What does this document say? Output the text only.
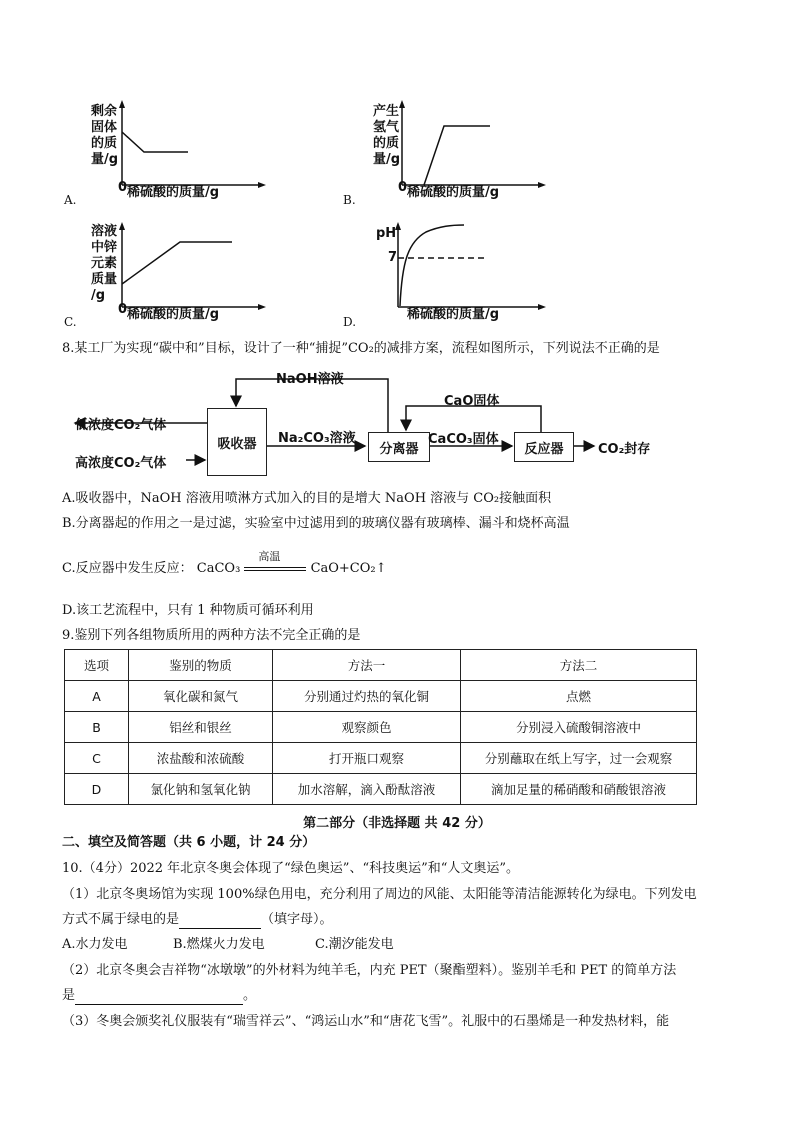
剩余
固体
的质
量/g
0 稀硫酸的质量/g
A.
产生
氢气
的质
量/g
0 稀硫酸的质量/g
B.
溶液
中锌
元素
质量
/g
0 稀硫酸的质量/g
C.
pH
7
稀硫酸的质量/g
D.
8.某工厂为实现“碳中和”目标，设计了一种“捕捉”CO₂的减排方案，流程如图所示，下列说法不正确的是
吸收器	分离器	反应器
NaOH溶液
CaO固体
低浓度CO₂气体
高浓度CO₂气体
Na₂CO₃溶液	CaCO₃固体
CO₂封存
A.吸收器中，NaOH 溶液用喷淋方式加入的目的是增大 NaOH 溶液与 CO₂接触面积
B.分离器起的作用之一是过滤，实验室中过滤用到的玻璃仪器有玻璃棒、漏斗和烧杯高温
C.反应器中发生反应： CaCO₃
高温
CaO+CO₂↑
D.该工艺流程中，只有 1 种物质可循环利用
9.鉴别下列各组物质所用的两种方法不完全正确的是
选项	鉴别的物质	方法一	方法二
A	氧化碳和氮气	分别通过灼热的氧化铜	点燃
B	铝丝和银丝	观察颜色	分别浸入硫酸铜溶液中
C	浓盐酸和浓硫酸	打开瓶口观察	分别蘸取在纸上写字，过一会观察
D	氯化钠和氢氧化钠	加水溶解，滴入酚酞溶液	滴加足量的稀硝酸和硝酸银溶液
第二部分（非选择题 共 42 分）
二、填空及简答题（共 6 小题，计 24 分）
10.（4分）2022 年北京冬奥会体现了“绿色奥运”、“科技奥运”和“人文奥运”。
（1）北京冬奥场馆为实现 100%绿色用电，充分利用了周边的风能、太阳能等清洁能源转化为绿电。下列发电
方式不属于绿电的是	（填字母）。
A.水力发电	B.燃煤火力发电	C.潮汐能发电
（2）北京冬奥会吉祥物“冰墩墩”的外材料为纯羊毛，内充 PET（聚酯塑料）。鉴别羊毛和 PET 的简单方法
是	。
（3）冬奥会颁奖礼仪服装有“瑞雪祥云”、“鸿运山水”和“唐花飞雪”。礼服中的石墨烯是一种发热材料，能
